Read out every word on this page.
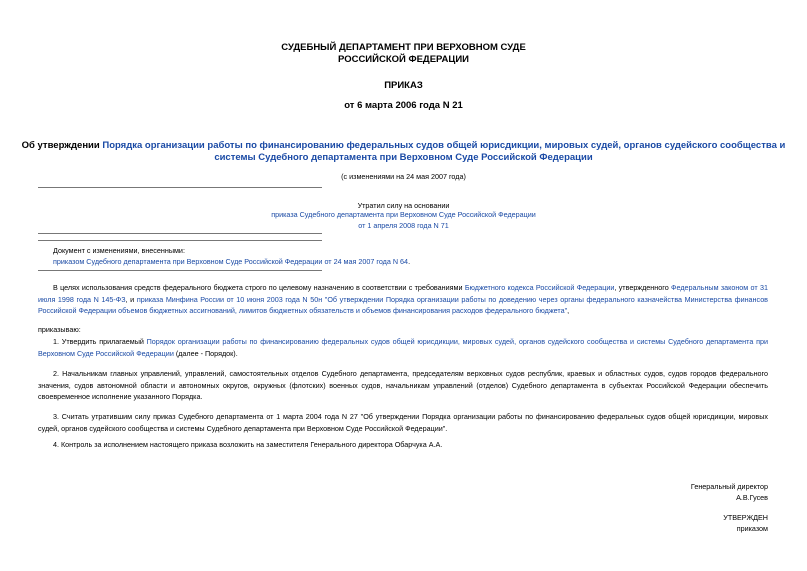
СУДЕБНЫЙ ДЕПАРТАМЕНТ ПРИ ВЕРХОВНОМ СУДЕ
РОССИЙСКОЙ ФЕДЕРАЦИИ
ПРИКАЗ
от 6 марта 2006 года N 21
Об утверждении Порядка организации работы по финансированию федеральных судов общей юрисдикции, мировых судей, органов судейского сообщества и
системы Судебного департамента при Верховном Суде Российской Федерации
(с изменениями на 24 мая 2007 года)
Утратил силу на основании
приказа Судебного департамента при Верховном Суде Российской Федерации
от 1 апреля 2008 года N 71
Документ с изменениями, внесенными:
приказом Судебного департамента при Верховном Суде Российской Федерации от 24 мая 2007 года N 64.
В целях использования средств федерального бюджета строго по целевому назначению в соответствии с требованиями Бюджетного кодекса Российской Федерации, утвержденного Федеральным законом от 31 июля 1998 года N 145-ФЗ, и приказа Минфина России от 10 июня 2003 года N 50н "Об утверждении Порядка организации работы по доведению через органы федерального казначейства Министерства финансов Российской Федерации объемов бюджетных ассигнований, лимитов бюджетных обязательств и объемов финансирования расходов федерального бюджета",
приказываю:
1. Утвердить прилагаемый Порядок организации работы по финансированию федеральных судов общей юрисдикции, мировых судей, органов судейского сообщества и системы Судебного департамента при Верховном Суде Российской Федерации (далее - Порядок).
2. Начальникам главных управлений, управлений, самостоятельных отделов Судебного департамента, председателям верховных судов республик, краевых и областных судов, судов городов федерального значения, судов автономной области и автономных округов, окружных (флотских) военных судов, начальникам управлений (отделов) Судебного департамента в субъектах Российской Федерации обеспечить своевременное исполнение указанного Порядка.
3. Считать утратившим силу приказ Судебного департамента от 1 марта 2004 года N 27 "Об утверждении Порядка организации работы по финансированию федеральных судов общей юрисдикции, мировых судей, органов судейского сообщества и системы Судебного департамента при Верховном Суде Российской Федерации".
4. Контроль за исполнением настоящего приказа возложить на заместителя Генерального директора Обарчука А.А.
Генеральный директор
А.В.Гусев
УТВЕРЖДЕН
приказом
